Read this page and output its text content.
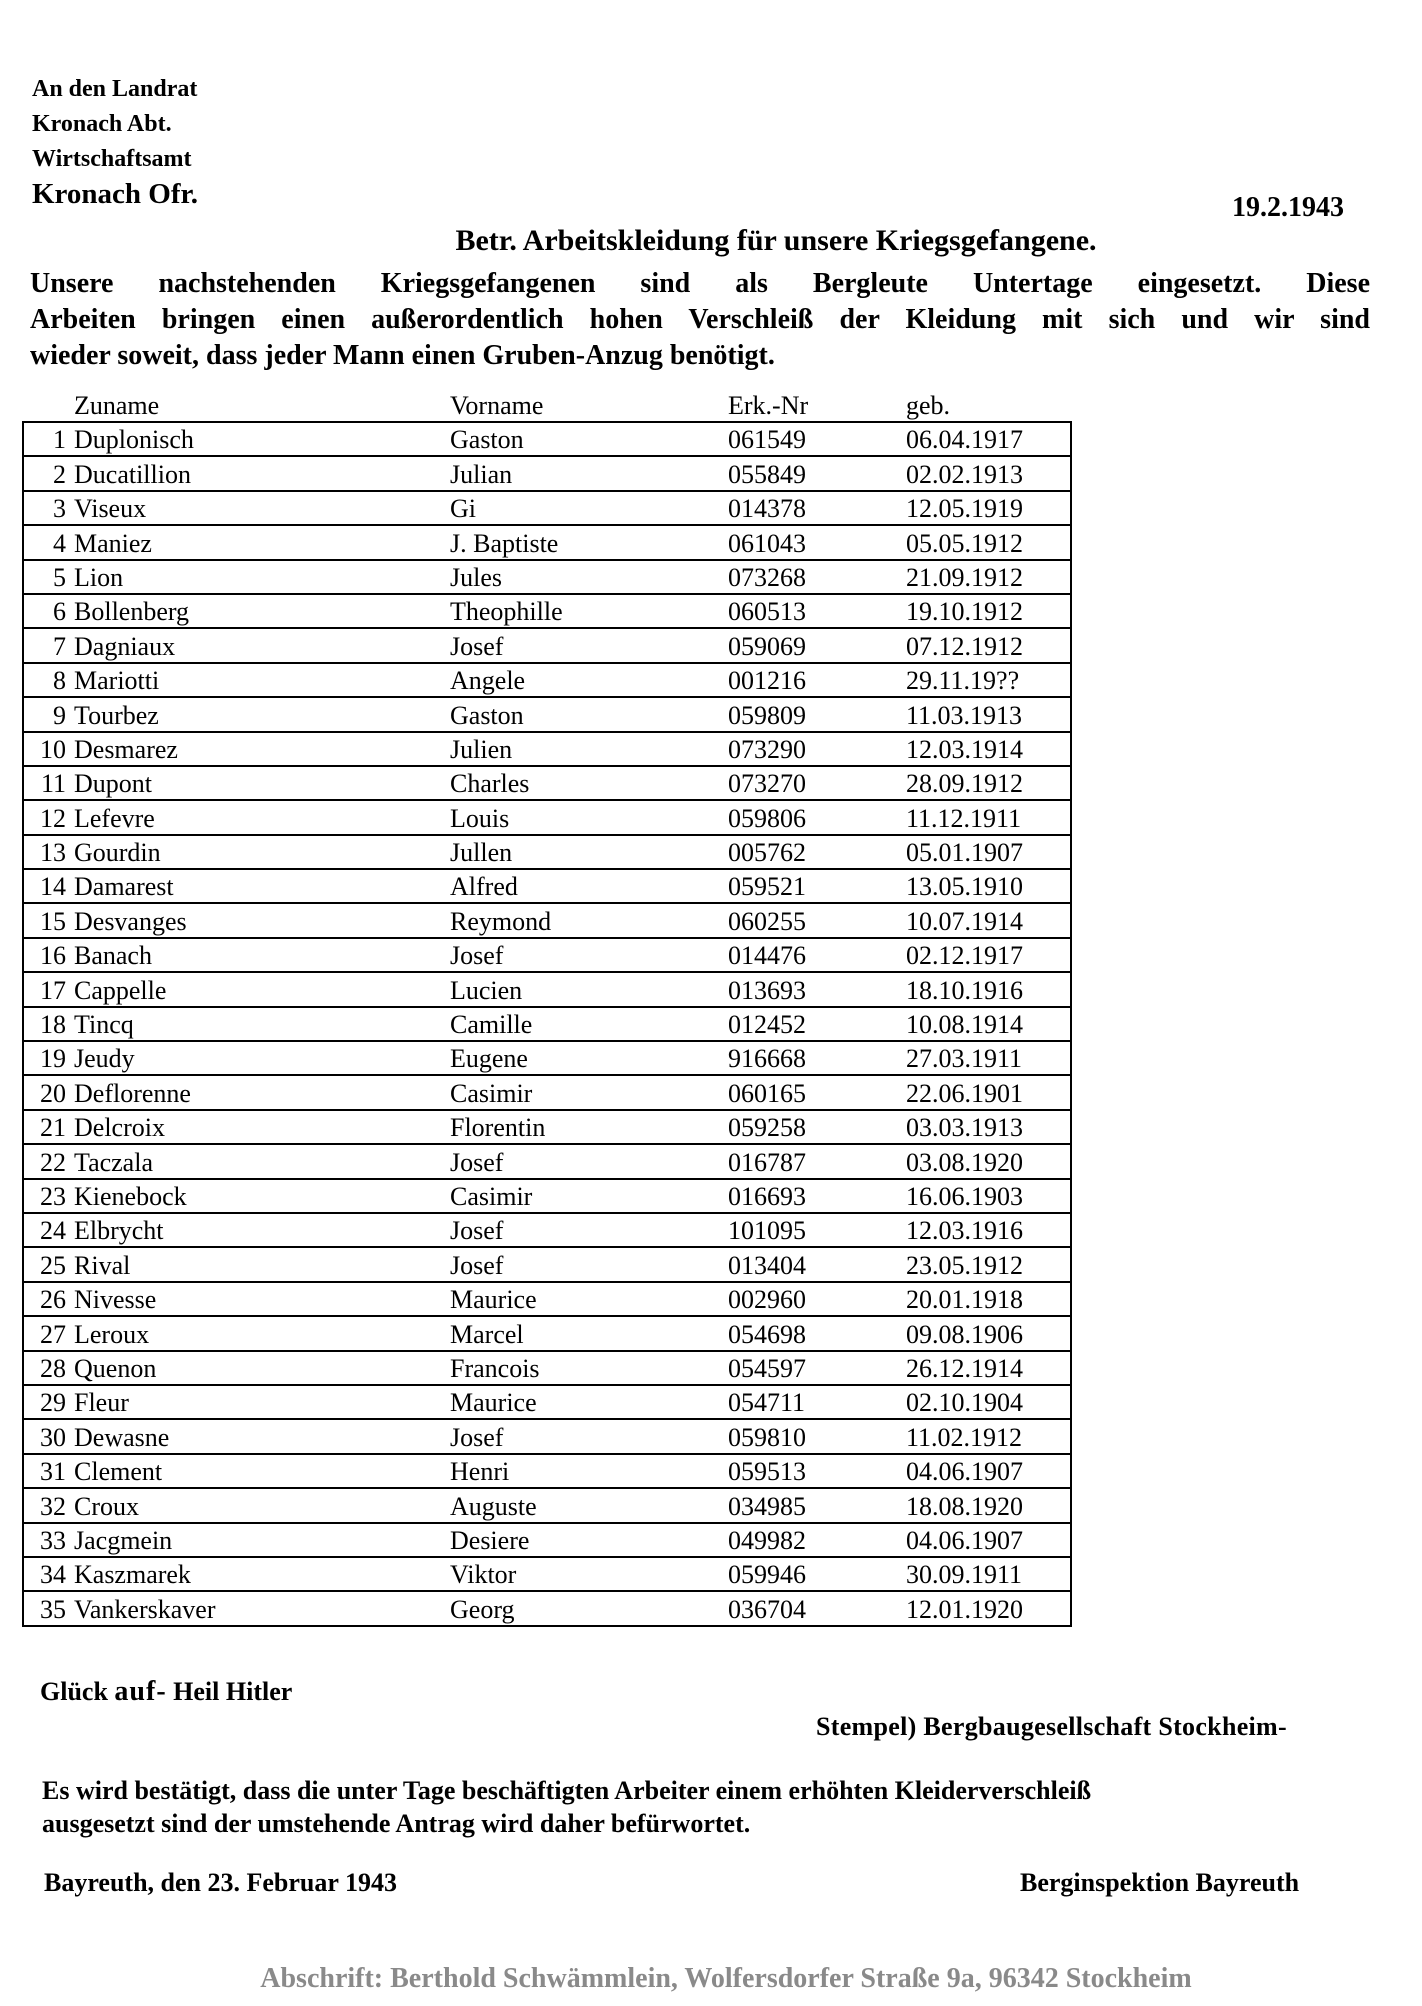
An den Landrat
Kronach Abt.
Wirtschaftsamt
Kronach Ofr.	19.2.1943
Betr. Arbeitskleidung für unsere Kriegsgefangene.
Unsere nachstehenden Kriegsgefangenen sind als Bergleute Untertage eingesetzt. Diese
Arbeiten bringen einen außerordentlich hohen Verschleiß der Kleidung mit sich und wir sind
wieder soweit, dass jeder Mann einen Gruben-Anzug benötigt.
	Zuname	Vorname	Erk.-Nr	geb.
1	Duplonisch	Gaston	061549	06.04.1917
2	Ducatillion	Julian	055849	02.02.1913
3	Viseux	Gi	014378	12.05.1919
4	Maniez	J. Baptiste	061043	05.05.1912
5	Lion	Jules	073268	21.09.1912
6	Bollenberg	Theophille	060513	19.10.1912
7	Dagniaux	Josef	059069	07.12.1912
8	Mariotti	Angele	001216	29.11.19??
9	Tourbez	Gaston	059809	11.03.1913
10	Desmarez	Julien	073290	12.03.1914
11	Dupont	Charles	073270	28.09.1912
12	Lefevre	Louis	059806	11.12.1911
13	Gourdin	Jullen	005762	05.01.1907
14	Damarest	Alfred	059521	13.05.1910
15	Desvanges	Reymond	060255	10.07.1914
16	Banach	Josef	014476	02.12.1917
17	Cappelle	Lucien	013693	18.10.1916
18	Tincq	Camille	012452	10.08.1914
19	Jeudy	Eugene	916668	27.03.1911
20	Deflorenne	Casimir	060165	22.06.1901
21	Delcroix	Florentin	059258	03.03.1913
22	Taczala	Josef	016787	03.08.1920
23	Kienebock	Casimir	016693	16.06.1903
24	Elbrycht	Josef	101095	12.03.1916
25	Rival	Josef	013404	23.05.1912
26	Nivesse	Maurice	002960	20.01.1918
27	Leroux	Marcel	054698	09.08.1906
28	Quenon	Francois	054597	26.12.1914
29	Fleur	Maurice	054711	02.10.1904
30	Dewasne	Josef	059810	11.02.1912
31	Clement	Henri	059513	04.06.1907
32	Croux	Auguste	034985	18.08.1920
33	Jacgmein	Desiere	049982	04.06.1907
34	Kaszmarek	Viktor	059946	30.09.1911
35	Vankerskaver	Georg	036704	12.01.1920
Glück auf- Heil Hitler
Stempel) Bergbaugesellschaft Stockheim-
Es wird bestätigt, dass die unter Tage beschäftigten Arbeiter einem erhöhten Kleiderverschleiß
ausgesetzt sind der umstehende Antrag wird daher befürwortet.
Bayreuth, den 23. Februar 1943	Berginspektion Bayreuth
Abschrift: Berthold Schwämmlein, Wolfersdorfer Straße 9a, 96342 Stockheim
